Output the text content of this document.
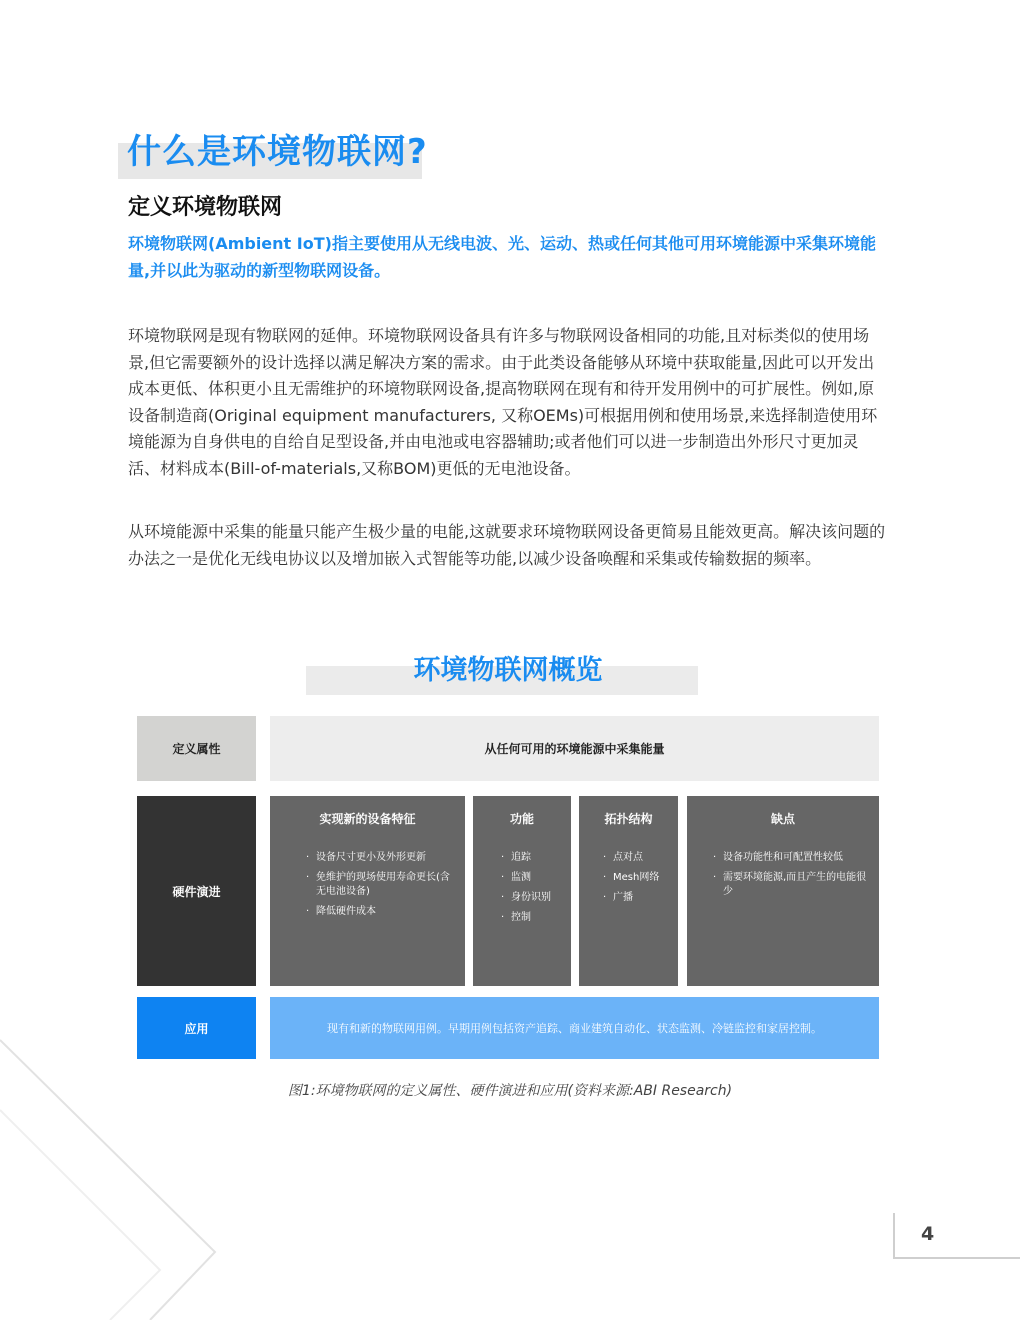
什么是环境物联网?
定义环境物联网
环境物联网(Ambient IoT)指主要使用从无线电波、光、运动、热或任何其他可用环境能源中采集环境能量,并以此为驱动的新型物联网设备。
环境物联网是现有物联网的延伸。环境物联网设备具有许多与物联网设备相同的功能,且对标类似的使用场景,但它需要额外的设计选择以满足解决方案的需求。由于此类设备能够从环境中获取能量,因此可以开发出成本更低、体积更小且无需维护的环境物联网设备,提高物联网在现有和待开发用例中的可扩展性。例如,原设备制造商(Original equipment manufacturers, 又称OEMs)可根据用例和使用场景,来选择制造使用环境能源为自身供电的自给自足型设备,并由电池或电容器辅助;或者他们可以进一步制造出外形尺寸更加灵活、材料成本(Bill-of-materials,又称BOM)更低的无电池设备。
从环境能源中采集的能量只能产生极少量的电能,这就要求环境物联网设备更简易且能效更高。解决该问题的办法之一是优化无线电协议以及增加嵌入式智能等功能,以减少设备唤醒和采集或传输数据的频率。
环境物联网概览
定义属性	从任何可用的环境能源中采集能量
硬件演进
实现新的设备特征
· 设备尺寸更小及外形更新
· 免维护的现场使用寿命更长(含无电池设备)
· 降低硬件成本
功能
· 追踪
· 监测
· 身份识别
· 控制
拓扑结构
· 点对点
· Mesh网络
· 广播
缺点
· 设备功能性和可配置性较低
· 需要环境能源,而且产生的电能很少
应用	现有和新的物联网用例。早期用例包括资产追踪、商业建筑自动化、状态监测、冷链监控和家居控制。
图1:环境物联网的定义属性、硬件演进和应用(资料来源:ABI Research)
4
